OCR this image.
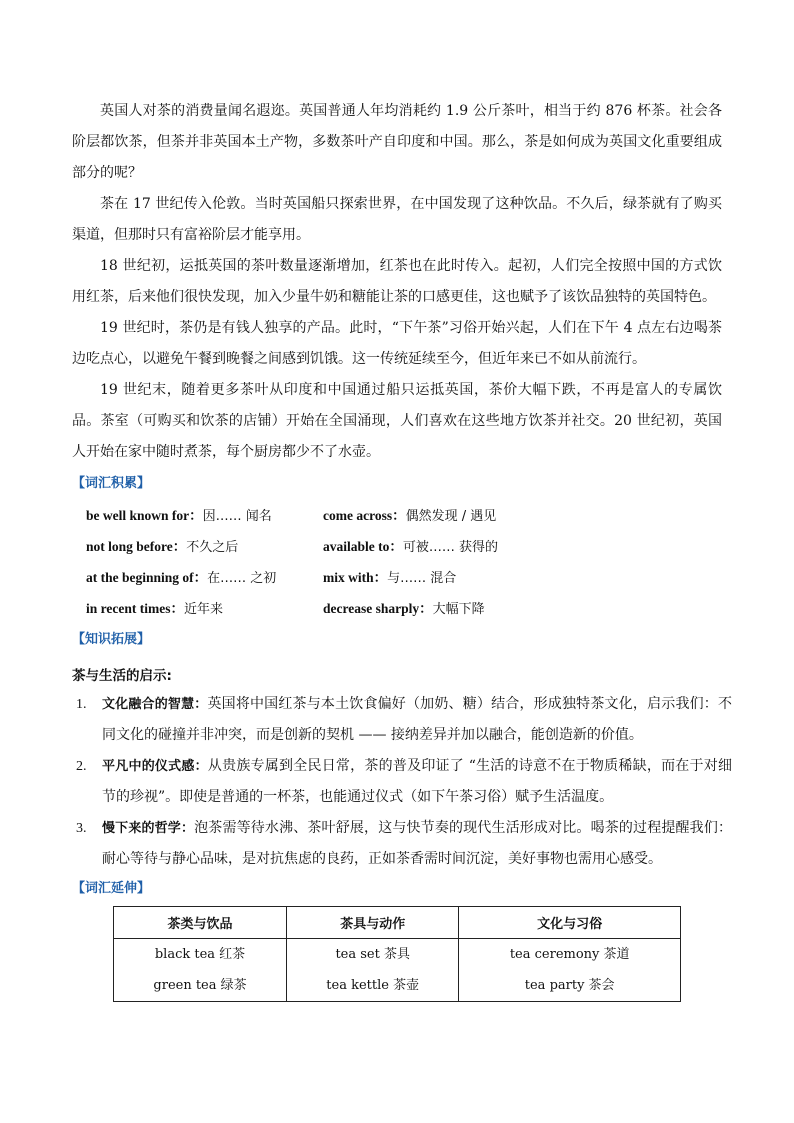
英国人对茶的消费量闻名遐迩。英国普通人年均消耗约 1.9 公斤茶叶，相当于约 876 杯茶。社会各阶层都饮茶，但茶并非英国本土产物，多数茶叶产自印度和中国。那么，茶是如何成为英国文化重要组成部分的呢？

茶在 17 世纪传入伦敦。当时英国船只探索世界，在中国发现了这种饮品。不久后，绿茶就有了购买渠道，但那时只有富裕阶层才能享用。

18 世纪初，运抵英国的茶叶数量逐渐增加，红茶也在此时传入。起初，人们完全按照中国的方式饮用红茶，后来他们很快发现，加入少量牛奶和糖能让茶的口感更佳，这也赋予了该饮品独特的英国特色。

19 世纪时，茶仍是有钱人独享的产品。此时，“下午茶”习俗开始兴起，人们在下午 4 点左右边喝茶边吃点心，以避免午餐到晚餐之间感到饥饿。这一传统延续至今，但近年来已不如从前流行。

19 世纪末，随着更多茶叶从印度和中国通过船只运抵英国，茶价大幅下跌，不再是富人的专属饮品。茶室（可购买和饮茶的店铺）开始在全国涌现，人们喜欢在这些地方饮茶并社交。20 世纪初，英国人开始在家中随时煮茶，每个厨房都少不了水壶。

【词汇积累】
be well known for：因…… 闻名	come across：偶然发现 / 遇见
not long before：不久之后	available to：可被…… 获得的
at the beginning of：在…… 之初	mix with：与…… 混合
in recent times：近年来	decrease sharply：大幅下降
【知识拓展】

茶与生活的启示:

1. 文化融合的智慧：英国将中国红茶与本土饮食偏好（加奶、糖）结合，形成独特茶文化，启示我们：不同文化的碰撞并非冲突，而是创新的契机 —— 接纳差异并加以融合，能创造新的价值。
2. 平凡中的仪式感：从贵族专属到全民日常，茶的普及印证了 “生活的诗意不在于物质稀缺，而在于对细节的珍视”。即使是普通的一杯茶，也能通过仪式（如下午茶习俗）赋予生活温度。
3. 慢下来的哲学：泡茶需等待水沸、茶叶舒展，这与快节奏的现代生活形成对比。喝茶的过程提醒我们：耐心等待与静心品味，是对抗焦虑的良药，正如茶香需时间沉淀，美好事物也需用心感受。
【词汇延伸】
茶类与饮品	茶具与动作	文化与习俗
black tea 红茶	tea set 茶具	tea ceremony 茶道
green tea 绿茶	tea kettle 茶壶	tea party 茶会
